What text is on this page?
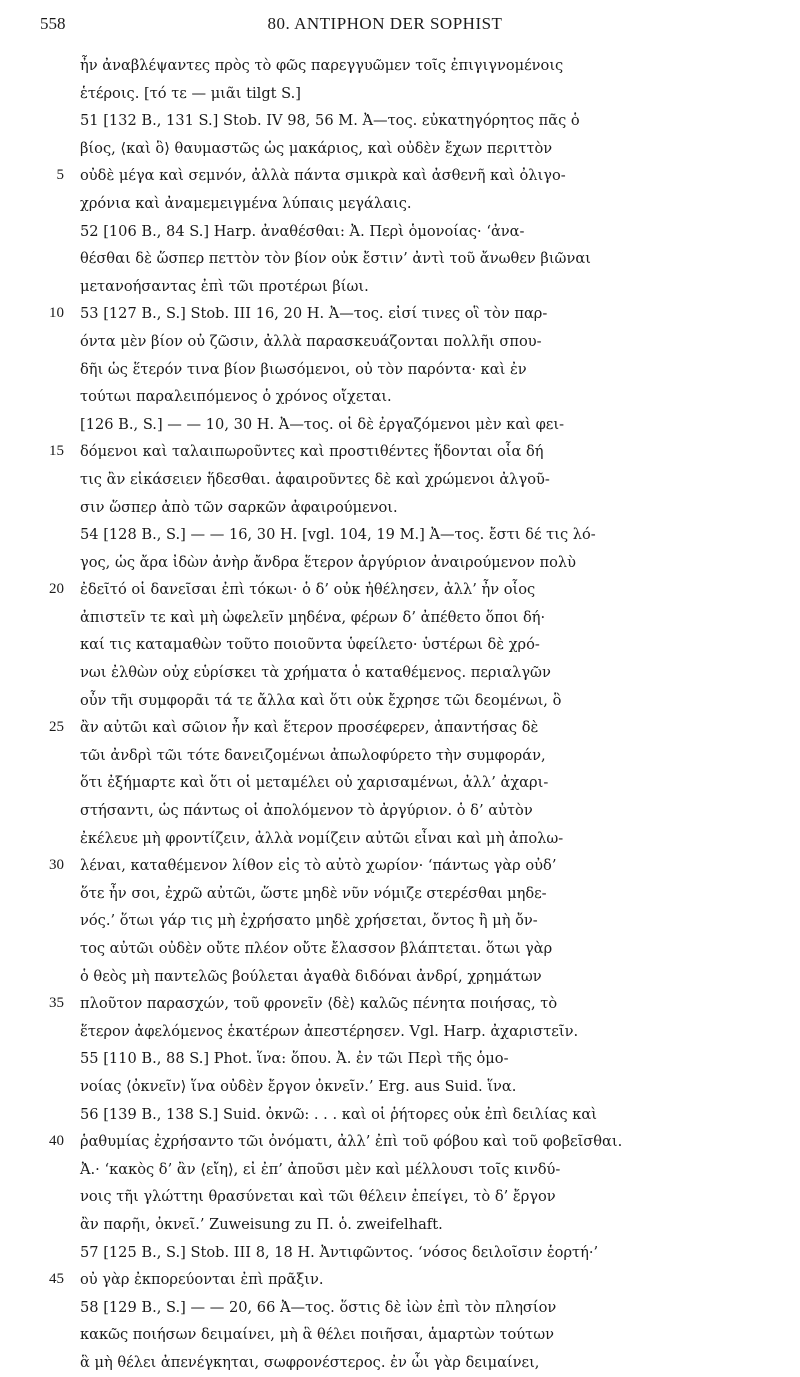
558	80. ANTIPHON DER SOPHIST
ἦν ἀναβλέψαντες πρὸς τὸ φῶς παρεγγυῶμεν τοῖς ἐπιγιγνομένοις
ἑτέροις. [τό τε — μιᾶι tilgt S.]
51 [132 B., 131 S.] Stob. IV 98, 56 M. Ἀ—τος. εὐκατηγόρητος πᾶς ὁ
βίος, ⟨καὶ ὃ⟩ θαυμαστῶς ὡς μακάριος, καὶ οὐδὲν ἔχων περιττὸν
5 οὐδὲ μέγα καὶ σεμνόν, ἀλλὰ πάντα σμικρὰ καὶ ἀσθενῆ καὶ ὀλιγο-
χρόνια καὶ ἀναμεμειγμένα λύπαις μεγάλαις.
52 [106 B., 84 S.] Harp. ἀναθέσθαι: Ἀ. Περὶ ὁμονοίας· ‘ἀνα-
θέσθαι δὲ ὥσπερ πεττὸν τὸν βίον οὐκ ἔστιν’ ἀντὶ τοῦ ἄνωθεν βιῶναι
μετανοήσαντας ἐπὶ τῶι προτέρωι βίωι.
10 53 [127 B., S.] Stob. III 16, 20 H. Ἀ—τος. εἰσί τινες οἳ τὸν παρ-
όντα μὲν βίον οὐ ζῶσιν, ἀλλὰ παρασκευάζονται πολλῆι σπου-
δῆι ὡς ἕτερόν τινα βίον βιωσόμενοι, οὐ τὸν παρόντα· καὶ ἐν
τούτωι παραλειπόμενος ὁ χρόνος οἴχεται.
[126 B., S.] — — 10, 30 H. Ἀ—τος. οἱ δὲ ἐργαζόμενοι μὲν καὶ φει-
15 δόμενοι καὶ ταλαιπωροῦντες καὶ προστιθέντες ἥδονται οἷα δή
τις ἂν εἰκάσειεν ἥδεσθαι. ἀφαιροῦντες δὲ καὶ χρώμενοι ἀλγοῦ-
σιν ὥσπερ ἀπὸ τῶν σαρκῶν ἀφαιρούμενοι.
54 [128 B., S.] — — 16, 30 H. [vgl. 104, 19 M.] Ἀ—τος. ἔστι δέ τις λό-
γος, ὡς ἄρα ἰδὼν ἀνὴρ ἄνδρα ἕτερον ἀργύριον ἀναιρούμενον πολὺ
20 ἐδεῖτό οἱ δανεῖσαι ἐπὶ τόκωι· ὁ δ’ οὐκ ἠθέλησεν, ἀλλ’ ἦν οἷος
ἀπιστεῖν τε καὶ μὴ ὠφελεῖν μηδένα, φέρων δ’ ἀπέθετο ὅποι δή·
καί τις καταμαθὼν τοῦτο ποιοῦντα ὑφείλετο· ὑστέρωι δὲ χρό-
νωι ἐλθὼν οὐχ εὑρίσκει τὰ χρήματα ὁ καταθέμενος. περιαλγῶν
οὖν τῆι συμφορᾶι τά τε ἄλλα καὶ ὅτι οὐκ ἔχρησε τῶι δεομένωι, ὃ
25 ἂν αὐτῶι καὶ σῶιον ἦν καὶ ἕτερον προσέφερεν, ἀπαντήσας δὲ
τῶι ἀνδρὶ τῶι τότε δανειζομένωι ἀπωλοφύρετο τὴν συμφοράν,
ὅτι ἐξήμαρτε καὶ ὅτι οἱ μεταμέλει οὐ χαρισαμένωι, ἀλλ’ ἀχαρι-
στήσαντι, ὡς πάντως οἱ ἀπολόμενον τὸ ἀργύριον. ὁ δ’ αὐτὸν
ἐκέλευε μὴ φροντίζειν, ἀλλὰ νομίζειν αὐτῶι εἶναι καὶ μὴ ἀπολω-
30 λέναι, καταθέμενον λίθον εἰς τὸ αὐτὸ χωρίον· ‘πάντως γὰρ οὐδ’
ὅτε ἦν σοι, ἐχρῶ αὐτῶι, ὥστε μηδὲ νῦν νόμιζε στερέσθαι μηδε-
νός.’ ὅτωι γάρ τις μὴ ἐχρήσατο μηδὲ χρήσεται, ὄντος ἢ μὴ ὄν-
τος αὐτῶι οὐδὲν οὔτε πλέον οὔτε ἔλασσον βλάπτεται. ὅτωι γὰρ
ὁ θεὸς μὴ παντελῶς βούλεται ἀγαθὰ διδόναι ἀνδρί, χρημάτων
35 πλοῦτον παρασχών, τοῦ φρονεῖν ⟨δὲ⟩ καλῶς πένητα ποιήσας, τὸ
ἕτερον ἀφελόμενος ἑκατέρων ἀπεστέρησεν. Vgl. Harp. ἀχαριστεῖν.
55 [110 B., 88 S.] Phot. ἵνα: ὅπου. Ἀ. ἐν τῶι Περὶ τῆς ὁμο-
νοίας ⟨ὀκνεῖν⟩ ἵνα οὐδὲν ἔργον ὀκνεῖν.’ Erg. aus Suid. ἵνα.
56 [139 B., 138 S.] Suid. ὀκνῶ: . . . καὶ οἱ ῥήτορες οὐκ ἐπὶ δειλίας καὶ
40 ῥαθυμίας ἐχρήσαντο τῶι ὀνόματι, ἀλλ’ ἐπὶ τοῦ φόβου καὶ τοῦ φοβεῖσθαι.
Ἀ.· ‘κακὸς δ’ ἂν ⟨εἴη⟩, εἰ ἐπ’ ἀποῦσι μὲν καὶ μέλλουσι τοῖς κινδύ-
νοις τῆι γλώττηι θρασύνεται καὶ τῶι θέλειν ἐπείγει, τὸ δ’ ἔργον
ἂν παρῆι, ὀκνεῖ.’ Zuweisung zu Π. ὁ. zweifelhaft.
57 [125 B., S.] Stob. III 8, 18 H. Ἀντιφῶντος. ‘νόσος δειλοῖσιν ἑορτή·’
45 οὐ γὰρ ἐκπορεύονται ἐπὶ πρᾶξιν.
58 [129 B., S.] — — 20, 66 Ἀ—τος. ὅστις δὲ ἰὼν ἐπὶ τὸν πλησίον
κακῶς ποιήσων δειμαίνει, μὴ ἃ θέλει ποιῆσαι, ἁμαρτὼν τούτων
ἃ μὴ θέλει ἀπενέγκηται, σωφρονέστερος. ἐν ὧι γὰρ δειμαίνει,
